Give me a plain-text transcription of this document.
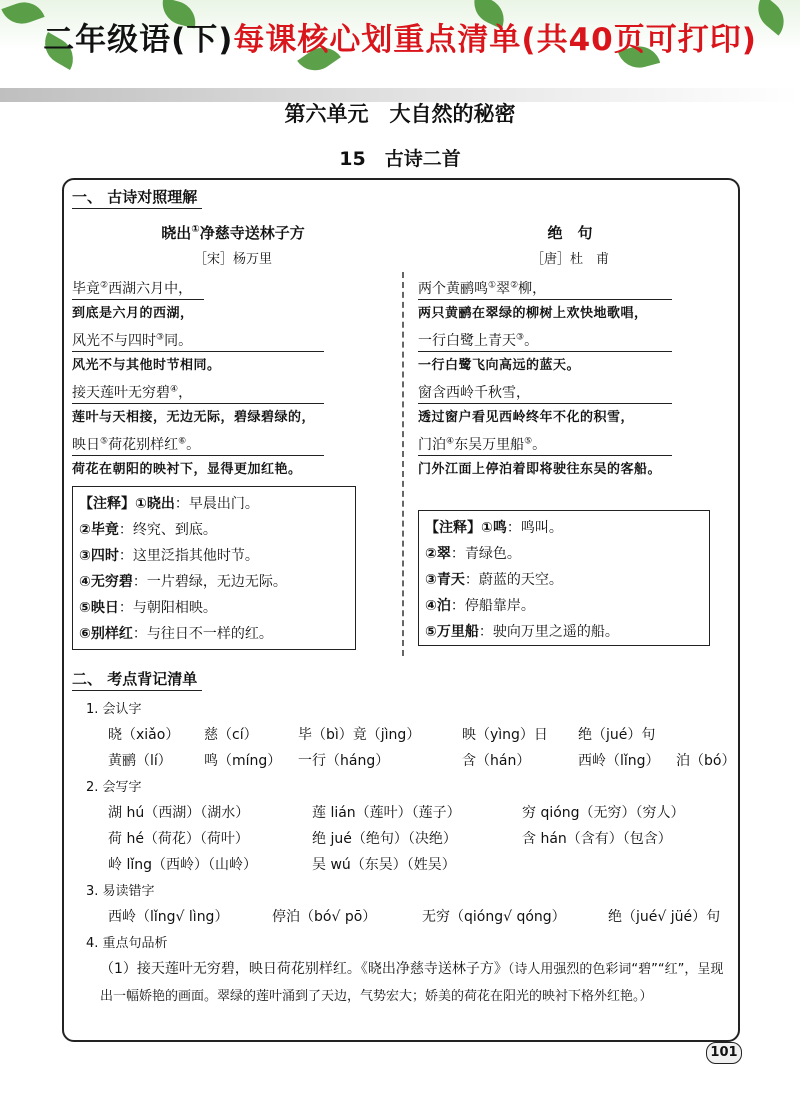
二年级语(下)每课核心划重点清单(共40页可打印)
第六单元　大自然的秘密
15　古诗二首
一、 古诗对照理解
晓出①净慈寺送林子方
［宋］杨万里
毕竟②西湖六月中，
到底是六月的西湖，
风光不与四时③同。
风光不与其他时节相同。
接天莲叶无穷碧④，
莲叶与天相接，无边无际，碧绿碧绿的，
映日⑤荷花别样红⑥。
荷花在朝阳的映衬下，显得更加红艳。
【注释】①晓出：早晨出门。
②毕竟：终究、到底。
③四时：这里泛指其他时节。
④无穷碧：一片碧绿，无边无际。
⑤映日：与朝阳相映。
⑥别样红：与往日不一样的红。
绝　句
［唐］杜　甫
两个黄鹂鸣①翠②柳，
两只黄鹂在翠绿的柳树上欢快地歌唱，
一行白鹭上青天③。
一行白鹭飞向高远的蓝天。
窗含西岭千秋雪，
透过窗户看见西岭终年不化的积雪，
门泊④东吴万里船⑤。
门外江面上停泊着即将驶往东吴的客船。
【注释】①鸣：鸣叫。
②翠：青绿色。
③青天：蔚蓝的天空。
④泊：停船靠岸。
⑤万里船：驶向万里之遥的船。
二、 考点背记清单
1. 会认字
晓（xiǎo） 慈（cí）	毕（bì）竟（jìng）	映（yìng）日 绝（jué）句
黄鹂（lí） 鸣（míng） 一行（háng）	含（hán）	西岭（lǐng） 泊（bó）
2. 会写字
湖 hú（西湖）（湖水）	莲 lián（莲叶）（莲子）	穷 qióng（无穷）（穷人）
荷 hé（荷花）（荷叶）	绝 jué（绝句）（决绝）	含 hán（含有）（包含）
岭 lǐng（西岭）（山岭）	吴 wú（东吴）（姓吴）
3. 易读错字
西岭（lǐng√ lìng）	停泊（bó√ pō）	无穷（qióng√ qóng）	绝（jué√ jüé）句
4. 重点句品析
（1）接天莲叶无穷碧，映日荷花别样红。《晓出净慈寺送林子方》（诗人用强烈的色彩词“碧”“红”，呈现出一幅娇艳的画面。翠绿的莲叶涌到了天边，气势宏大；娇美的荷花在阳光的映衬下格外红艳。）
101
